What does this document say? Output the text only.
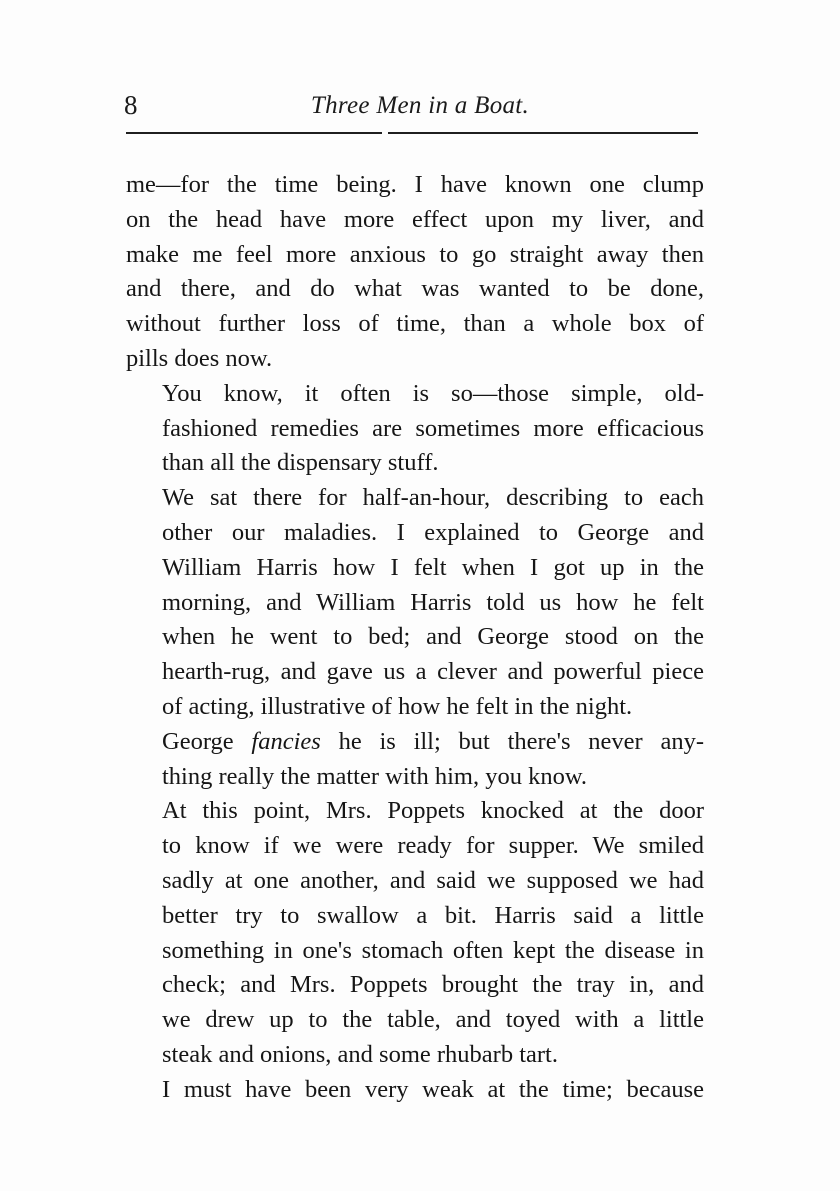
8	Three Men in a Boat.

me—for the time being. I have known one clump
on the head have more effect upon my liver, and
make me feel more anxious to go straight away then
and there, and do what was wanted to be done,
without further loss of time, than a whole box of
pills does now.

You know, it often is so—those simple, old-
fashioned remedies are sometimes more efficacious
than all the dispensary stuff.

We sat there for half-an-hour, describing to each
other our maladies. I explained to George and
William Harris how I felt when I got up in the
morning, and William Harris told us how he felt
when he went to bed; and George stood on the
hearth-rug, and gave us a clever and powerful piece
of acting, illustrative of how he felt in the night.

George fancies he is ill; but there's never any-
thing really the matter with him, you know.

At this point, Mrs. Poppets knocked at the door
to know if we were ready for supper. We smiled
sadly at one another, and said we supposed we had
better try to swallow a bit. Harris said a little
something in one's stomach often kept the disease in
check; and Mrs. Poppets brought the tray in, and
we drew up to the table, and toyed with a little
steak and onions, and some rhubarb tart.

I must have been very weak at the time; because
